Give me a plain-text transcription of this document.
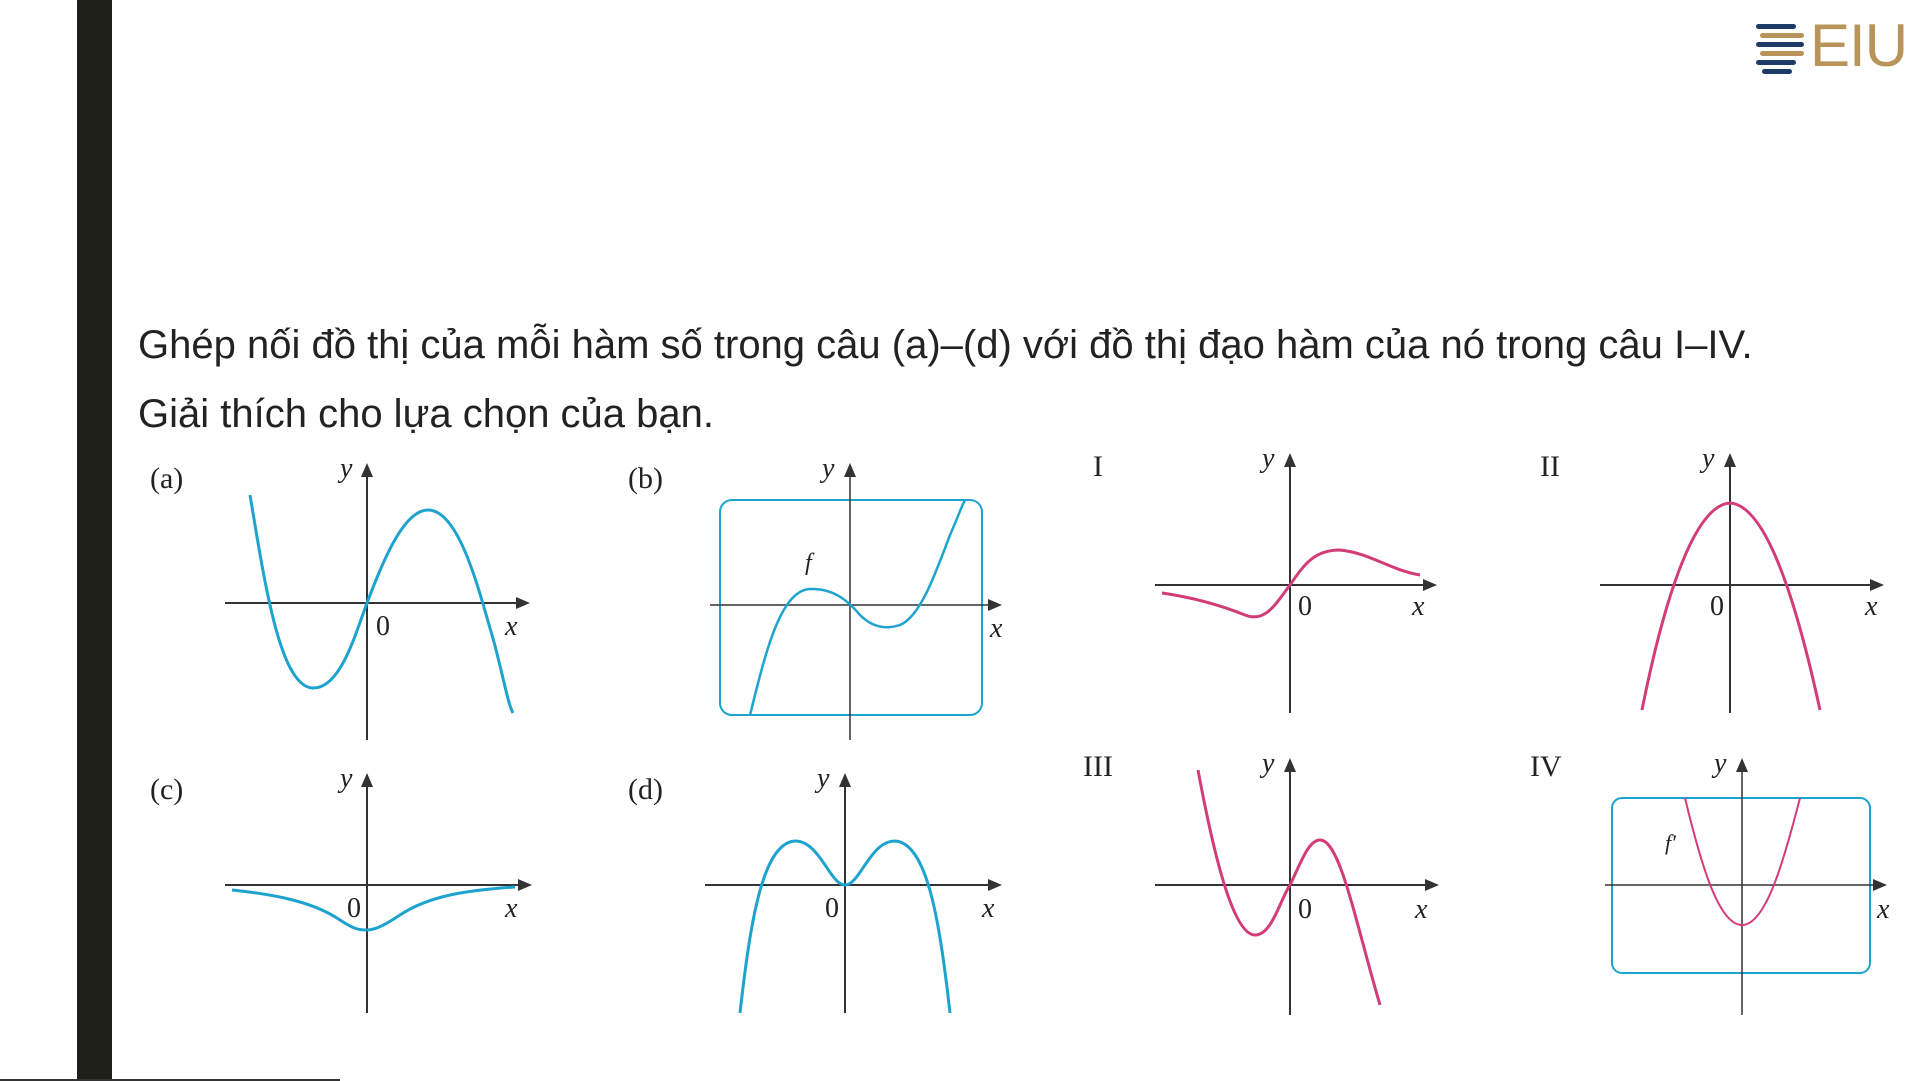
EIU
Ghép nối đồ thị của mỗi hàm số trong câu (a)–(d) với đồ thị đạo hàm của nó trong câu I–IV.
Giải thích cho lựa chọn của bạn.
(a)
0	x
y	(b)
f
x
y	I
0	x
y	II
0	x
y
(c)
0	x
y	(d)
0	x
y	III
0	x
y	IV
f′
x
y
